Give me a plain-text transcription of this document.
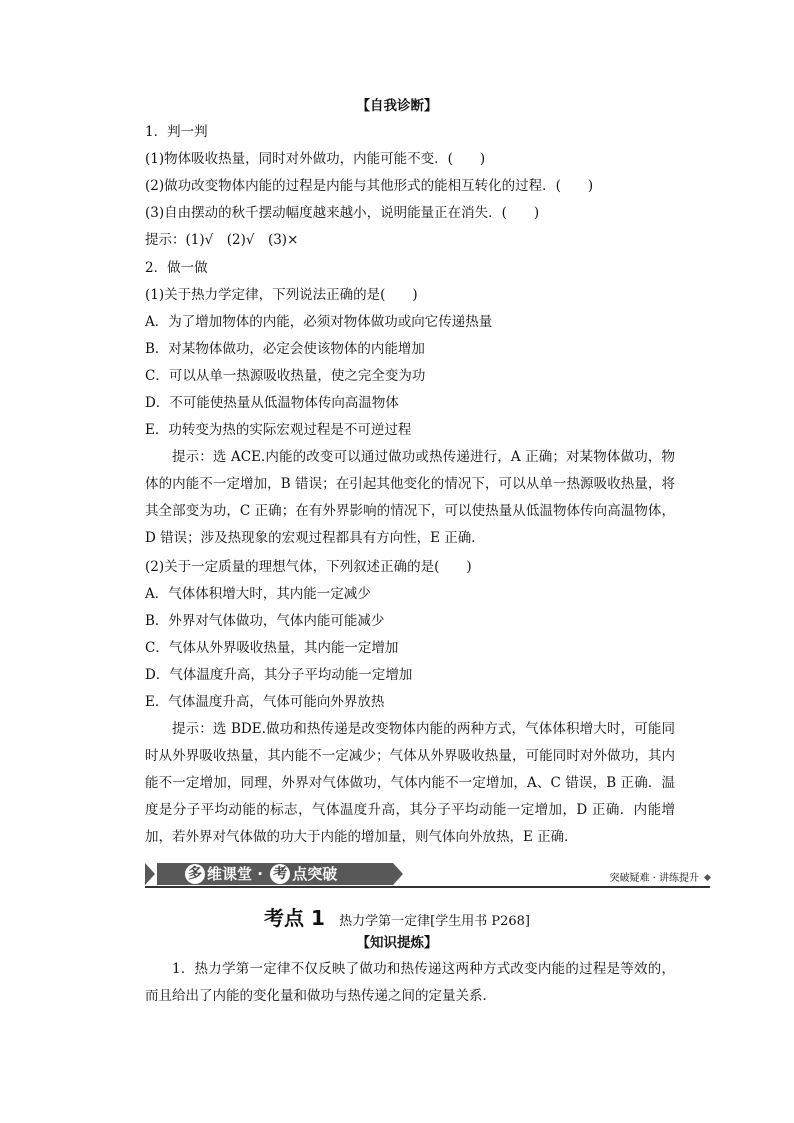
【自我诊断】
1．判一判
(1)物体吸收热量，同时对外做功，内能可能不变．(　　)
(2)做功改变物体内能的过程是内能与其他形式的能相互转化的过程．(　　)
(3)自由摆动的秋千摆动幅度越来越小，说明能量正在消失．(　　)
提示：(1)√　(2)√　(3)×
2．做一做
(1)关于热力学定律，下列说法正确的是(　　)
A．为了增加物体的内能，必须对物体做功或向它传递热量
B．对某物体做功，必定会使该物体的内能增加
C．可以从单一热源吸收热量，使之完全变为功
D．不可能使热量从低温物体传向高温物体
E．功转变为热的实际宏观过程是不可逆过程
提示：选 ACE.内能的改变可以通过做功或热传递进行，A 正确；对某物体做功，物体的内能不一定增加，B 错误；在引起其他变化的情况下，可以从单一热源吸收热量，将其全部变为功，C 正确；在有外界影响的情况下，可以使热量从低温物体传向高温物体，D 错误；涉及热现象的宏观过程都具有方向性，E 正确．
(2)关于一定质量的理想气体，下列叙述正确的是(　　)
A．气体体积增大时，其内能一定减少
B．外界对气体做功，气体内能可能减少
C．气体从外界吸收热量，其内能一定增加
D．气体温度升高，其分子平均动能一定增加
E．气体温度升高，气体可能向外界放热
提示：选 BDE.做功和热传递是改变物体内能的两种方式，气体体积增大时，可能同时从外界吸收热量，其内能不一定减少；气体从外界吸收热量，可能同时对外做功，其内能不一定增加，同理，外界对气体做功，气体内能不一定增加，A、C 错误，B 正确．温度是分子平均动能的标志，气体温度升高，其分子平均动能一定增加，D 正确．内能增加，若外界对气体做的功大于内能的增加量，则气体向外放热，E 正确．
多 维课堂 · 考 点突破	突破疑难 · 讲练提升
考点 1 热力学第一定律[学生用书 P268]
【知识提炼】
1．热力学第一定律不仅反映了做功和热传递这两种方式改变内能的过程是等效的，而且给出了内能的变化量和做功与热传递之间的定量关系．
